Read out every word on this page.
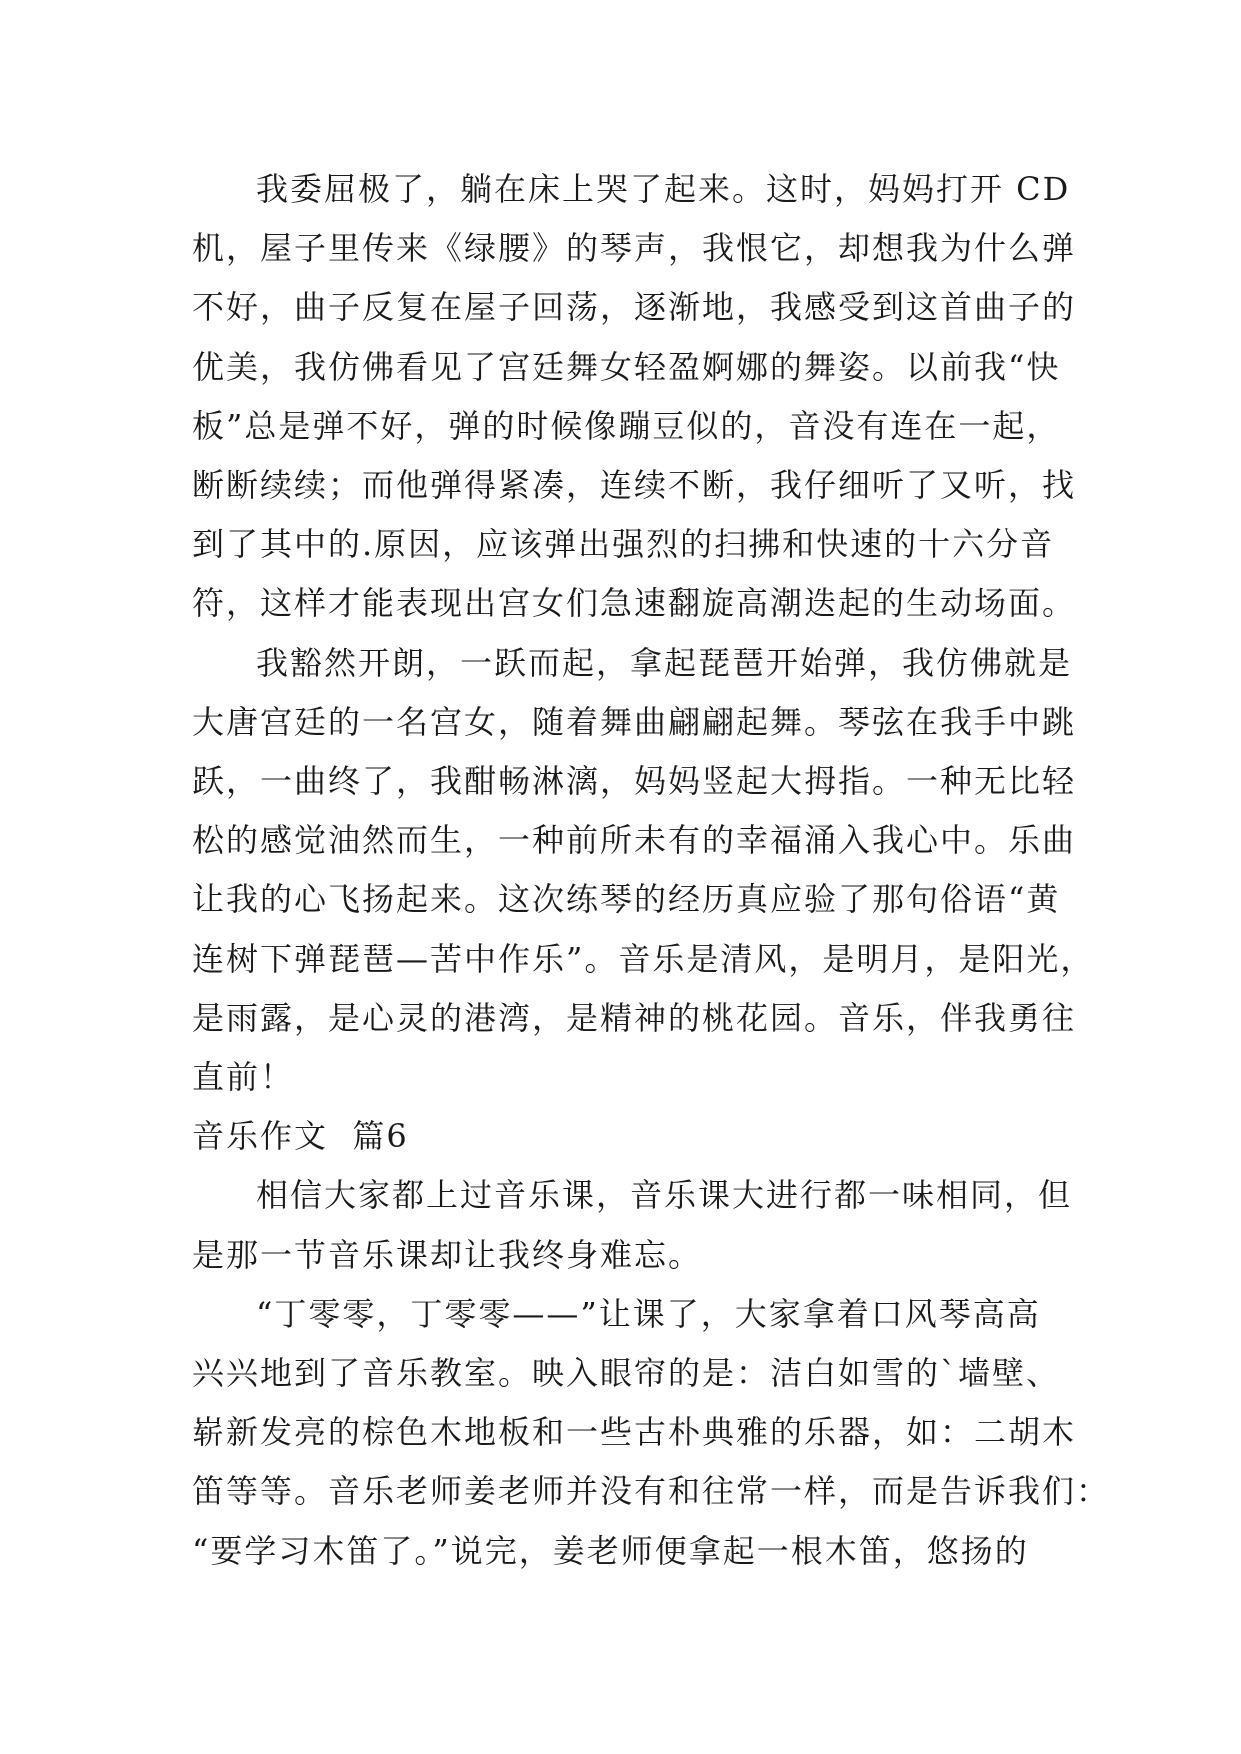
我委屈极了，躺在床上哭了起来。这时，妈妈打开 CD
机，屋子里传来《绿腰》的琴声，我恨它，却想我为什么弹
不好，曲子反复在屋子回荡，逐渐地，我感受到这首曲子的
优美，我仿佛看见了宫廷舞女轻盈婀娜的舞姿。以前我“快
板”总是弹不好，弹的时候像蹦豆似的，音没有连在一起，
断断续续；而他弹得紧凑，连续不断，我仔细听了又听，找
到了其中的.原因，应该弹出强烈的扫拂和快速的十六分音
符，这样才能表现出宫女们急速翻旋高潮迭起的生动场面。
我豁然开朗，一跃而起，拿起琵琶开始弹，我仿佛就是
大唐宫廷的一名宫女，随着舞曲翩翩起舞。琴弦在我手中跳
跃，一曲终了，我酣畅淋漓，妈妈竖起大拇指。一种无比轻
松的感觉油然而生，一种前所未有的幸福涌入我心中。乐曲
让我的心飞扬起来。这次练琴的经历真应验了那句俗语“黄
连树下弹琵琶—苦中作乐”。音乐是清风，是明月，是阳光，
是雨露，是心灵的港湾，是精神的桃花园。音乐，伴我勇往
直前！
音乐作文  篇6
相信大家都上过音乐课，音乐课大进行都一味相同，但
是那一节音乐课却让我终身难忘。
“丁零零，丁零零——”让课了，大家拿着口风琴高高
兴兴地到了音乐教室。映入眼帘的是：洁白如雪的`墙壁、
崭新发亮的棕色木地板和一些古朴典雅的乐器，如：二胡木
笛等等。音乐老师姜老师并没有和往常一样，而是告诉我们：
“要学习木笛了。”说完，姜老师便拿起一根木笛，悠扬的
